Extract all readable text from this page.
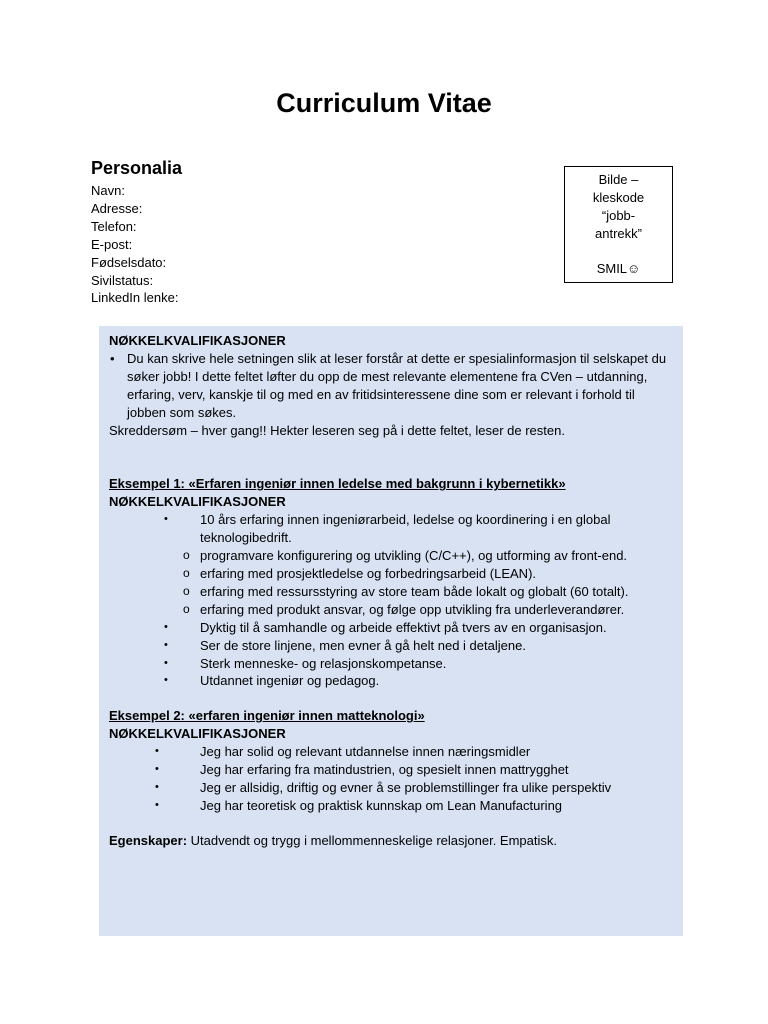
Curriculum Vitae
Personalia
Navn:
Adresse:
Telefon:
E-post:
Fødselsdato:
Sivilstatus:
LinkedIn lenke:
Bilde –
kleskode
“jobb-
antrekk”
SMIL☺
NØKKELKVALIFIKASJONER
• Du kan skrive hele setningen slik at leser forstår at dette er spesialinformasjon til selskapet du søker jobb! I dette feltet løfter du opp de mest relevante elementene fra CVen – utdanning, erfaring, verv, kanskje til og med en av fritidsinteressene dine som er relevant i forhold til jobben som søkes.
Skreddersøm – hver gang!! Hekter leseren seg på i dette feltet, leser de resten.
Eksempel 1: «Erfaren ingeniør innen ledelse med bakgrunn i kybernetikk»
NØKKELKVALIFIKASJONER
• 10 års erfaring innen ingeniørarbeid, ledelse og koordinering i en global teknologibedrift.
o programvare konfigurering og utvikling (C/C++), og utforming av front-end.
o erfaring med prosjektledelse og forbedringsarbeid (LEAN).
o erfaring med ressursstyring av store team både lokalt og globalt (60 totalt).
o erfaring med produkt ansvar, og følge opp utvikling fra underleverandører.
• Dyktig til å samhandle og arbeide effektivt på tvers av en organisasjon.
• Ser de store linjene, men evner å gå helt ned i detaljene.
• Sterk menneske- og relasjonskompetanse.
• Utdannet ingeniør og pedagog.
Eksempel 2: «erfaren ingeniør innen matteknologi»
NØKKELKVALIFIKASJONER
• Jeg har solid og relevant utdannelse innen næringsmidler
• Jeg har erfaring fra matindustrien, og spesielt innen mattrygghet
• Jeg er allsidig, driftig og evner å se problemstillinger fra ulike perspektiv
• Jeg har teoretisk og praktisk kunnskap om Lean Manufacturing
Egenskaper: Utadvendt og trygg i mellommenneskelige relasjoner. Empatisk.
